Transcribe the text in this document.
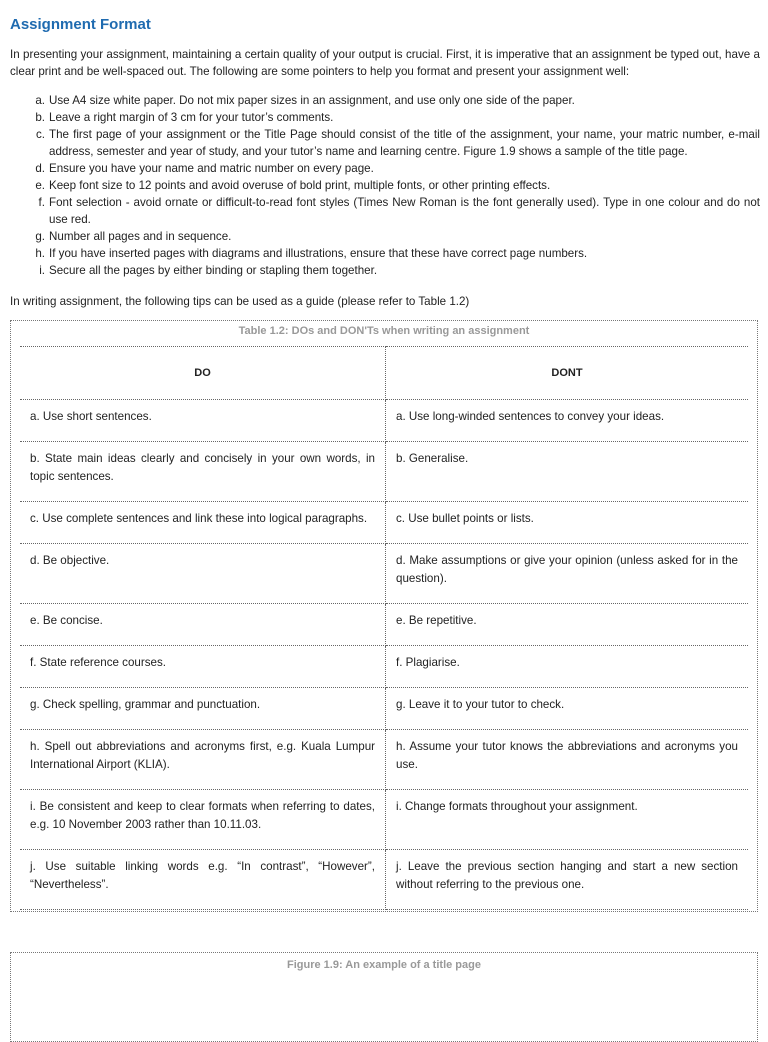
Assignment Format

In presenting your assignment, maintaining a certain quality of your output is crucial. First, it is imperative that an assignment be typed out, have a clear print and be well-spaced out. The following are some pointers to help you format and present your assignment well:

a. Use A4 size white paper. Do not mix paper sizes in an assignment, and use only one side of the paper.
b. Leave a right margin of 3 cm for your tutor’s comments.
c. The first page of your assignment or the Title Page should consist of the title of the assignment, your name, your matric number, e-mail address, semester and year of study, and your tutor’s name and learning centre. Figure 1.9 shows a sample of the title page.
d. Ensure you have your name and matric number on every page.
e. Keep font size to 12 points and avoid overuse of bold print, multiple fonts, or other printing effects.
f. Font selection - avoid ornate or difficult-to-read font styles (Times New Roman is the font generally used). Type in one colour and do not use red.
g. Number all pages and in sequence.
h. If you have inserted pages with diagrams and illustrations, ensure that these have correct page numbers.
i. Secure all the pages by either binding or stapling them together.

In writing assignment, the following tips can be used as a guide (please refer to Table 1.2)

Table 1.2: DOs and DON'Ts when writing an assignment
DO	DONT
a. Use short sentences.	a. Use long-winded sentences to convey your ideas.
b. State main ideas clearly and concisely in your own words, in topic sentences.	b. Generalise.
c. Use complete sentences and link these into logical paragraphs.	c. Use bullet points or lists.
d. Be objective.	d. Make assumptions or give your opinion (unless asked for in the question).
e. Be concise.	e. Be repetitive.
f. State reference courses.	f. Plagiarise.
g. Check spelling, grammar and punctuation.	g. Leave it to your tutor to check.
h. Spell out abbreviations and acronyms first, e.g. Kuala Lumpur International Airport (KLIA).	h. Assume your tutor knows the abbreviations and acronyms you use.
i. Be consistent and keep to clear formats when referring to dates, e.g. 10 November 2003 rather than 10.11.03.	i. Change formats throughout your assignment.
j. Use suitable linking words e.g. “In contrast”, “However”, “Nevertheless”.	j. Leave the previous section hanging and start a new section without referring to the previous one.
Figure 1.9: An example of a title page
